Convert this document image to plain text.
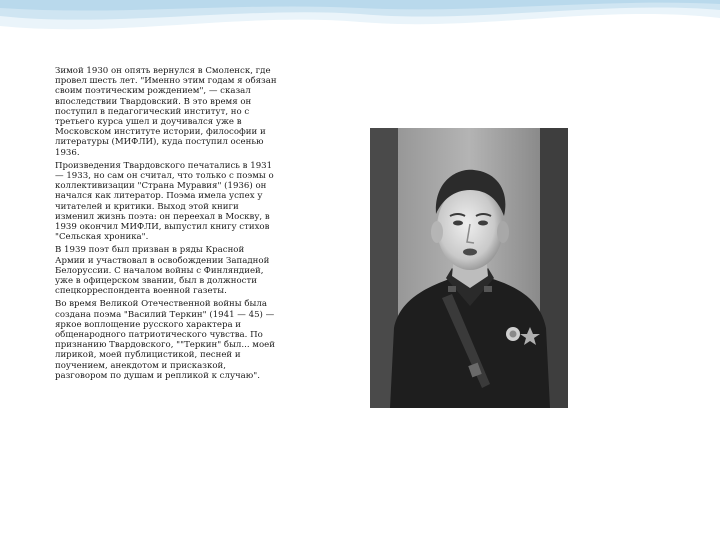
Зимой 1930 он опять вернулся в Смоленск, где провел шесть лет. "Именно этим годам я обязан своим поэтическим рождением", — сказал впоследствии Твардовский. В это время он поступил в педагогический институт, но с третьего курса ушел и доучивался уже в Московском институте истории, философии и литературы (МИФЛИ), куда поступил осенью 1936.

Произведения Твардовского печатались в 1931 — 1933, но сам он считал, что только с поэмы о коллективизации "Страна Муравия" (1936) он начался как литератор. Поэма имела успех у читателей и критики. Выход этой книги изменил жизнь поэта: он переехал в Москву, в 1939 окончил МИФЛИ, выпустил книгу стихов "Сельская хроника".

В 1939 поэт был призван в ряды Красной Армии и участвовал в освобождении Западной Белоруссии. С началом войны с Финляндией, уже в офицерском звании, был в должности спецкорреспондента военной газеты.

Во время Великой Отечественной войны была создана поэма "Василий Теркин" (1941 — 45) — яркое воплощение русского характера и общенародного патриотического чувства. По признанию Твардовского, ""Теркин" был... моей лирикой, моей публицистикой, песней и поучением, анекдотом и присказкой, разговором по душам и репликой к случаю".
